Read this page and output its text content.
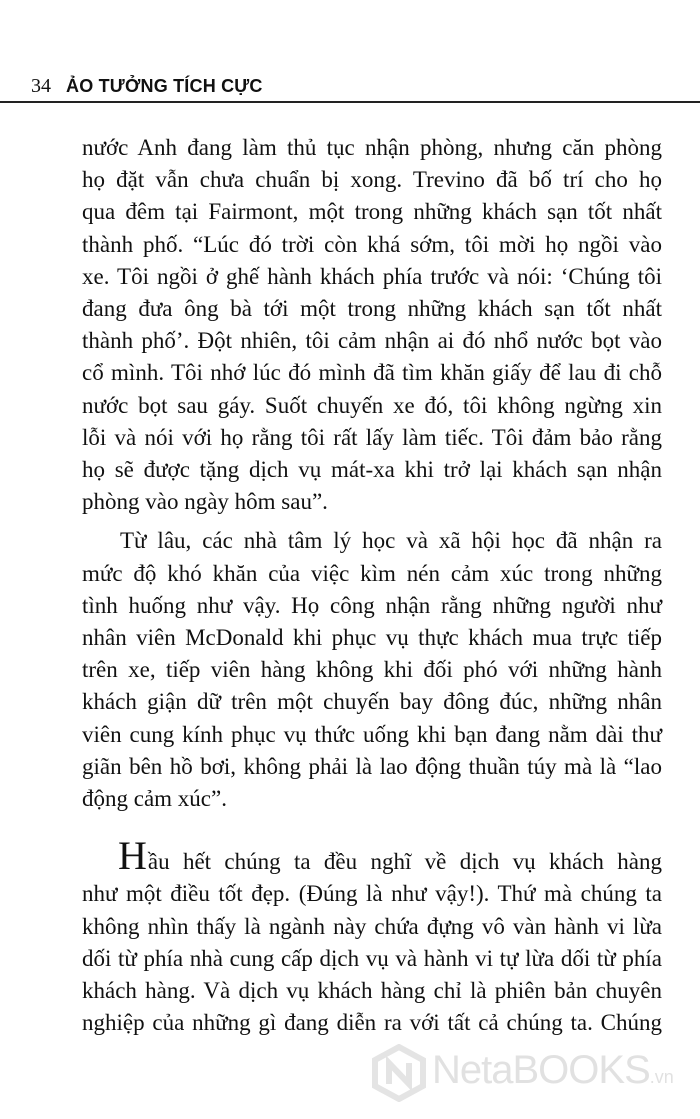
34 ẢO TƯỞNG TÍCH CỰC
nước Anh đang làm thủ tục nhận phòng, nhưng căn phòng
họ đặt vẫn chưa chuẩn bị xong. Trevino đã bố trí cho họ
qua đêm tại Fairmont, một trong những khách sạn tốt nhất
thành phố. “Lúc đó trời còn khá sớm, tôi mời họ ngồi vào
xe. Tôi ngồi ở ghế hành khách phía trước và nói: ‘Chúng tôi
đang đưa ông bà tới một trong những khách sạn tốt nhất
thành phố’. Đột nhiên, tôi cảm nhận ai đó nhổ nước bọt vào
cổ mình. Tôi nhớ lúc đó mình đã tìm khăn giấy để lau đi chỗ
nước bọt sau gáy. Suốt chuyến xe đó, tôi không ngừng xin
lỗi và nói với họ rằng tôi rất lấy làm tiếc. Tôi đảm bảo rằng
họ sẽ được tặng dịch vụ mát-xa khi trở lại khách sạn nhận
phòng vào ngày hôm sau”.
Từ lâu, các nhà tâm lý học và xã hội học đã nhận ra
mức độ khó khăn của việc kìm nén cảm xúc trong những
tình huống như vậy. Họ công nhận rằng những người như
nhân viên McDonald khi phục vụ thực khách mua trực tiếp
trên xe, tiếp viên hàng không khi đối phó với những hành
khách giận dữ trên một chuyến bay đông đúc, những nhân
viên cung kính phục vụ thức uống khi bạn đang nằm dài thư
giãn bên hồ bơi, không phải là lao động thuần túy mà là “lao
động cảm xúc”.
Hầu hết chúng ta đều nghĩ về dịch vụ khách hàng
như một điều tốt đẹp. (Đúng là như vậy!). Thứ mà chúng ta
không nhìn thấy là ngành này chứa đựng vô vàn hành vi lừa
dối từ phía nhà cung cấp dịch vụ và hành vi tự lừa dối từ phía
khách hàng. Và dịch vụ khách hàng chỉ là phiên bản chuyên
nghiệp của những gì đang diễn ra với tất cả chúng ta. Chúng
NetaBOOKS.vn
